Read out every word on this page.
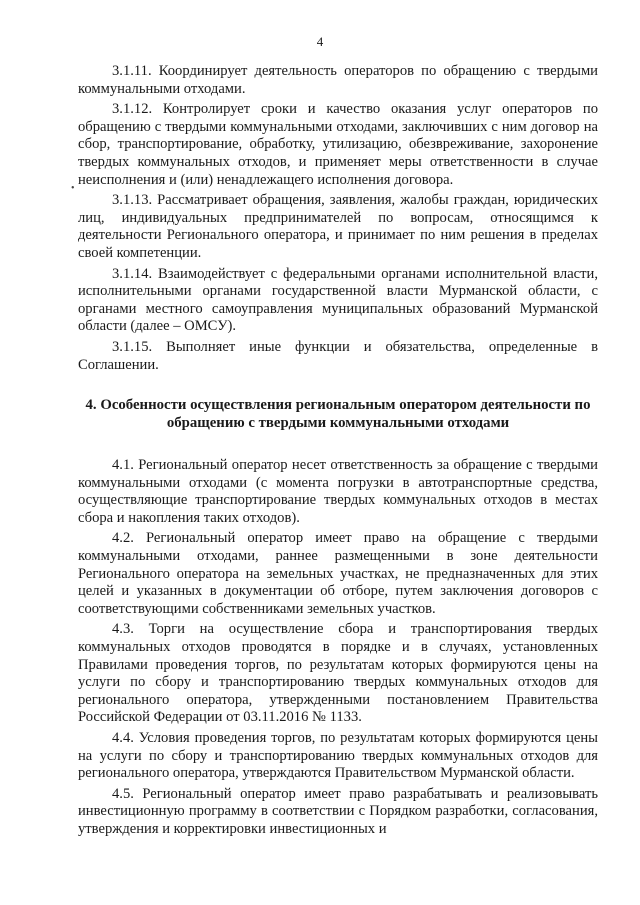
4

3.1.11. Координирует деятельность операторов по обращению с твердыми коммунальными отходами.

3.1.12. Контролирует сроки и качество оказания услуг операторов по обращению с твердыми коммунальными отходами, заключивших с ним договор на сбор, транспортирование, обработку, утилизацию, обезвреживание, захоронение твердых коммунальных отходов, и применяет меры ответственности в случае неисполнения и (или) ненадлежащего исполнения договора.

3.1.13. Рассматривает обращения, заявления, жалобы граждан, юридических лиц, индивидуальных предпринимателей по вопросам, относящимся к деятельности Регионального оператора, и принимает по ним решения в пределах своей компетенции.

3.1.14. Взаимодействует с федеральными органами исполнительной власти, исполнительными органами государственной власти Мурманской области, с органами местного самоуправления муниципальных образований Мурманской области (далее – ОМСУ).

3.1.15. Выполняет иные функции и обязательства, определенные в Соглашении.

4. Особенности осуществления региональным оператором деятельности по обращению с твердыми коммунальными отходами

4.1. Региональный оператор несет ответственность за обращение с твердыми коммунальными отходами (с момента погрузки в автотранспортные средства, осуществляющие транспортирование твердых коммунальных отходов в местах сбора и накопления таких отходов).

4.2. Региональный оператор имеет право на обращение с твердыми коммунальными отходами, раннее размещенными в зоне деятельности Регионального оператора на земельных участках, не предназначенных для этих целей и указанных в документации об отборе, путем заключения договоров с соответствующими собственниками земельных участков.

4.3. Торги на осуществление сбора и транспортирования твердых коммунальных отходов проводятся в порядке и в случаях, установленных Правилами проведения торгов, по результатам которых формируются цены на услуги по сбору и транспортированию твердых коммунальных отходов для регионального оператора, утвержденными постановлением Правительства Российской Федерации от 03.11.2016 № 1133.

4.4. Условия проведения торгов, по результатам которых формируются цены на услуги по сбору и транспортированию твердых коммунальных отходов для регионального оператора, утверждаются Правительством Мурманской области.

4.5. Региональный оператор имеет право разрабатывать и реализовывать инвестиционную программу в соответствии с Порядком разработки, согласования, утверждения и корректировки инвестиционных и

•
